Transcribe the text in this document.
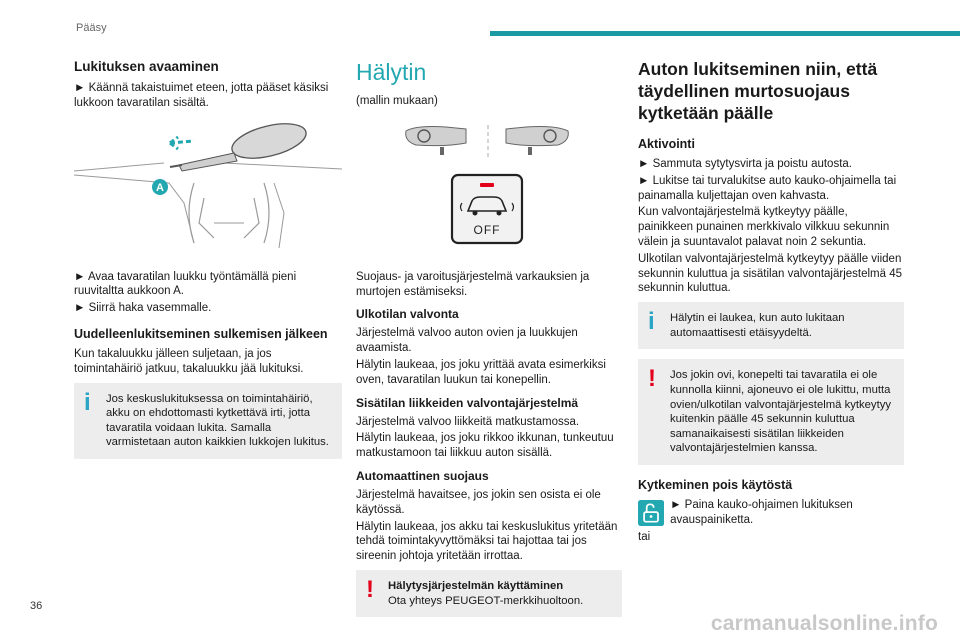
Pääsy
Lukituksen avaaminen

► Käännä takaistuimet eteen, jotta pääset käsiksi lukkoon tavaratilan sisältä.

A

► Avaa tavaratilan luukku työntämällä pieni ruuvitaltta aukkoon A.

► Siirrä haka vasemmalle.

Uudelleenlukitseminen sulkemisen jälkeen

Kun takaluukku jälleen suljetaan, ja jos toimintahäiriö jatkuu, takaluukku jää lukituksi.

i Jos keskuslukituksessa on toimintahäiriö, akku on ehdottomasti kytkettävä irti, jotta tavaratila voidaan lukita. Samalla varmistetaan auton kaikkien lukkojen lukitus.

Hälytin

(mallin mukaan)

OFF

Suojaus- ja varoitusjärjestelmä varkauksien ja murtojen estämiseksi.

Ulkotilan valvonta

Järjestelmä valvoo auton ovien ja luukkujen avaamista.

Hälytin laukeaa, jos joku yrittää avata esimerkiksi oven, tavaratilan luukun tai konepellin.

Sisätilan liikkeiden valvontajärjestelmä

Järjestelmä valvoo liikkeitä matkustamossa.

Hälytin laukeaa, jos joku rikkoo ikkunan, tunkeutuu matkustamoon tai liikkuu auton sisällä.

Automaattinen suojaus

Järjestelmä havaitsee, jos jokin sen osista ei ole käytössä.

Hälytin laukeaa, jos akku tai keskuslukitus yritetään tehdä toimintakyvyttömäksi tai hajottaa tai jos sireenin johtoja yritetään irrottaa.

! Hälytysjärjestelmän käyttäminen

Ota yhteys PEUGEOT-merkkihuoltoon.

Auton lukitseminen niin, että täydellinen murtosuojaus kytketään päälle
Aktivointi

► Sammuta sytytysvirta ja poistu autosta.

► Lukitse tai turvalukitse auto kauko-ohjaimella tai painamalla kuljettajan oven kahvasta.

Kun valvontajärjestelmä kytkeytyy päälle, painikkeen punainen merkkivalo vilkkuu sekunnin välein ja suuntavalot palavat noin 2 sekuntia.

Ulkotilan valvontajärjestelmä kytkeytyy päälle viiden sekunnin kuluttua ja sisätilan valvontajärjestelmä 45 sekunnin kuluttua.

i Hälytin ei laukea, kun auto lukitaan automaattisesti etäisyydeltä.

! Jos jokin ovi, konepelti tai tavaratila ei ole kunnolla kiinni, ajoneuvo ei ole lukittu, mutta ovien/ulkotilan valvontajärjestelmä kytkeytyy kuitenkin päälle 45 sekunnin kuluttua samanaikaisesti sisätilan liikkeiden valvontajärjestelmien kanssa.

Kytkeminen pois käytöstä

► Paina kauko-ohjaimen lukituksen avauspainiketta.

tai

36
carmanualsonline.info
